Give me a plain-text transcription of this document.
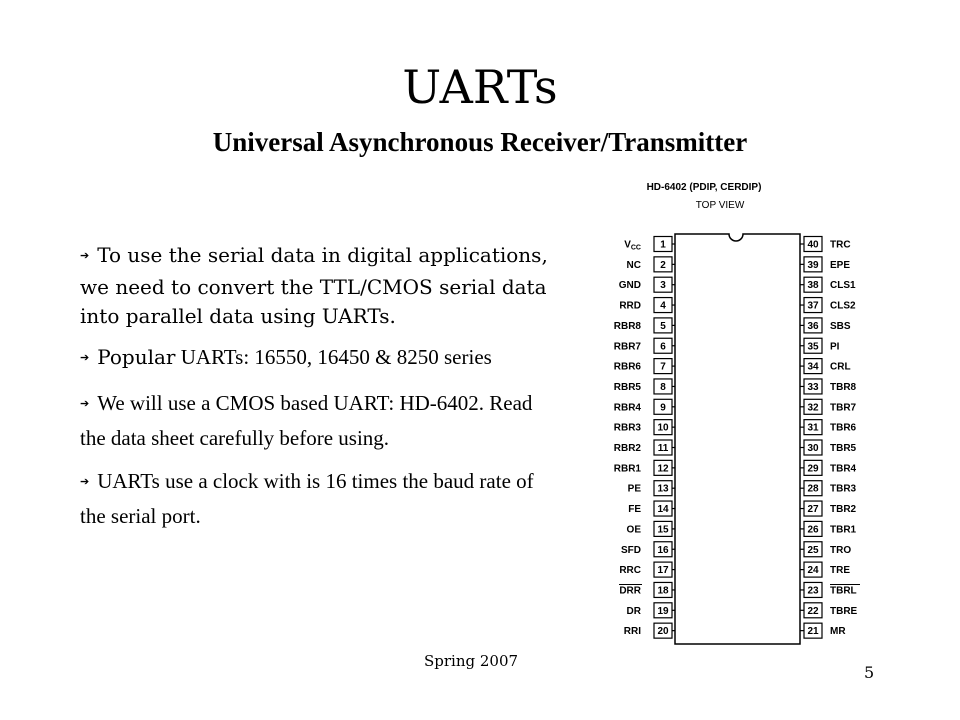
UARTs
Universal Asynchronous Receiver/Transmitter
➔ To use the serial data in digital applications, we need to convert the TTL/CMOS serial data into parallel data using UARTs.
➔ Popular UARTs: 16550, 16450 & 8250 series
➔ We will use a CMOS based UART: HD-6402. Read the data sheet carefully before using.
➔ UARTs use a clock with is 16 times the baud rate of the serial port.
HD-6402 (PDIP, CERDIP)
TOP VIEW
1
$V_{CC}$
2
NC
3
GND
4
RRD
5
RBR8
6
RBR7
7
RBR6
8
RBR5
9
RBR4
10
RBR3
11
RBR2
12
RBR1
13
PE
14
FE
15
OE
16
SFD
17
RRC
18
DRR
19
DR
20
RRI
40 TRC
39 EPE
38 CLS1
37 CLS2
36 SBS
35 PI
34 CRL
33 TBR8
32 TBR7
31 TBR6
30 TBR5
29 TBR4
28 TBR3
27 TBR2
26 TBR1
25 TRO
24 TRE
23 TBRL
22 TBRE
21 MR
Spring 2007
5
